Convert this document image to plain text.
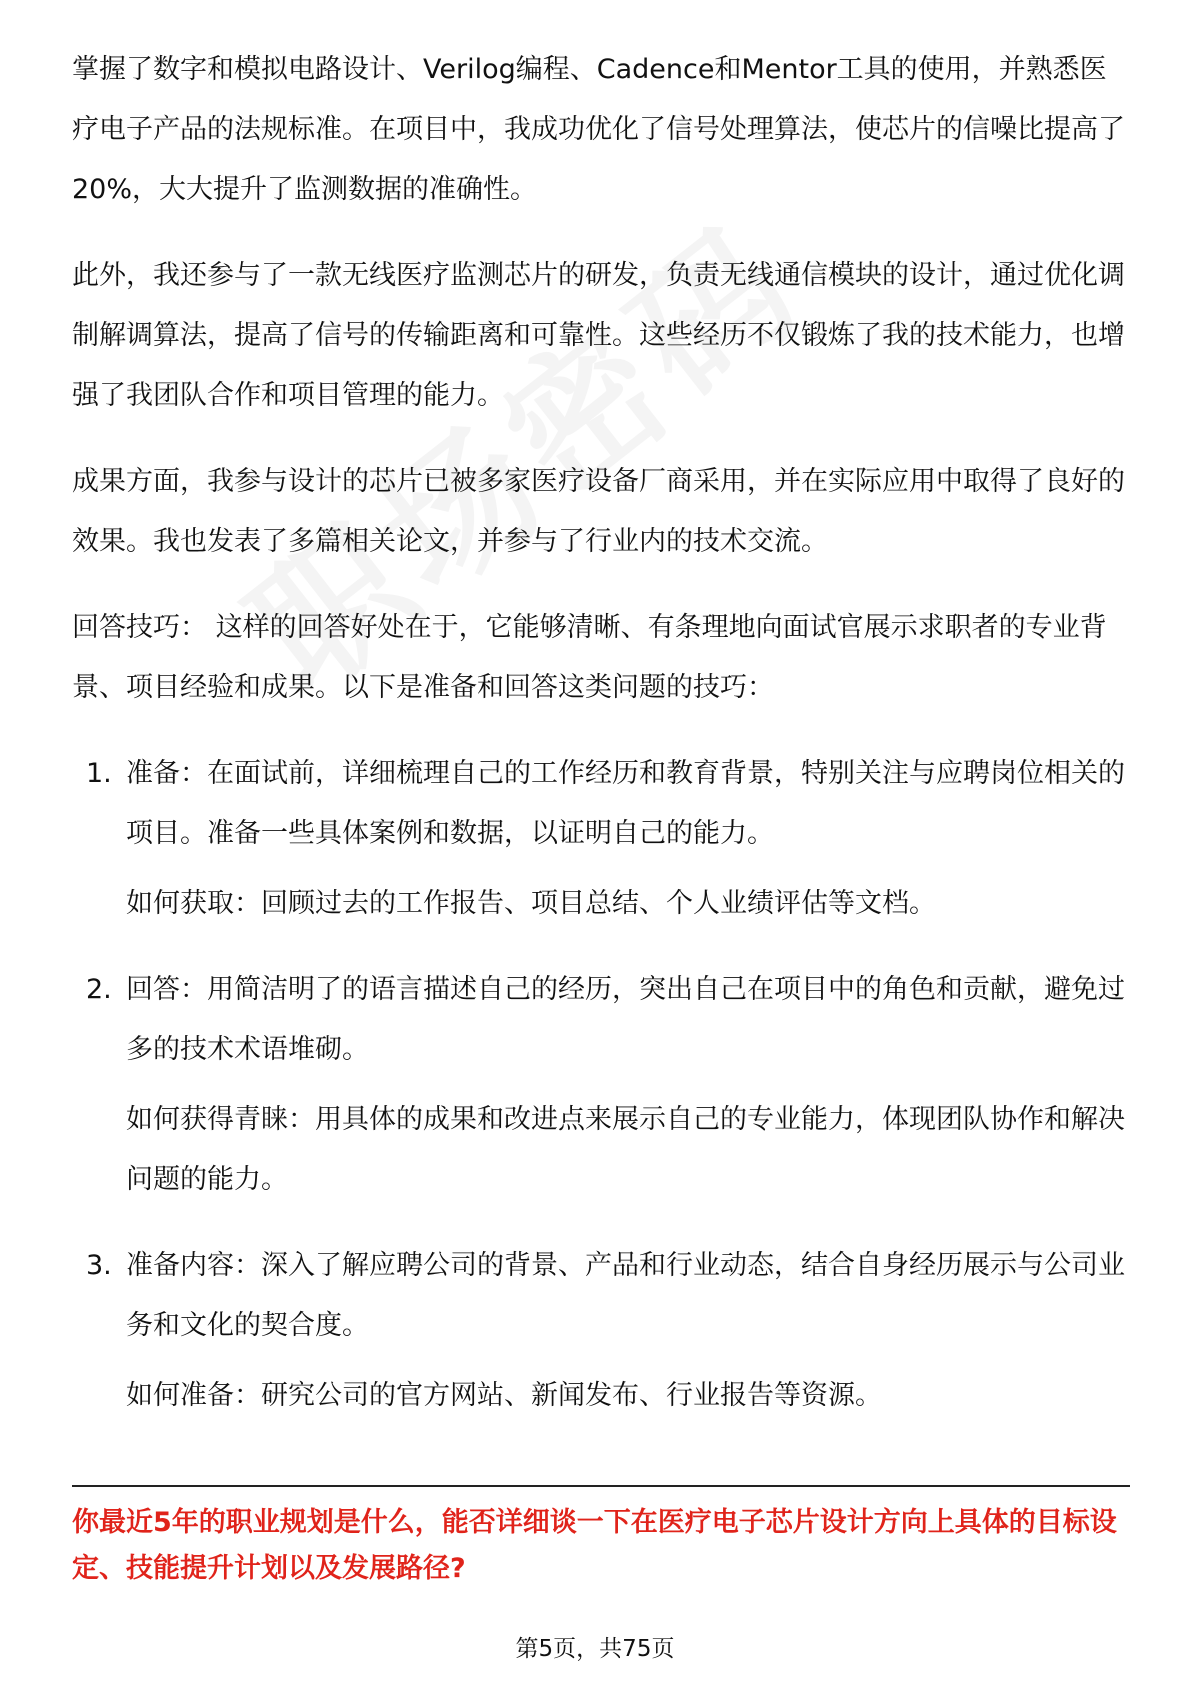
掌握了数字和模拟电路设计、Verilog编程、Cadence和Mentor工具的使用，并熟悉医疗电子产品的法规标准。在项目中，我成功优化了信号处理算法，使芯片的信噪比提高了20%，大大提升了监测数据的准确性。

此外，我还参与了一款无线医疗监测芯片的研发，负责无线通信模块的设计，通过优化调制解调算法，提高了信号的传输距离和可靠性。这些经历不仅锻炼了我的技术能力，也增强了我团队合作和项目管理的能力。

成果方面，我参与设计的芯片已被多家医疗设备厂商采用，并在实际应用中取得了良好的效果。我也发表了多篇相关论文，并参与了行业内的技术交流。

回答技巧： 这样的回答好处在于，它能够清晰、有条理地向面试官展示求职者的专业背景、项目经验和成果。以下是准备和回答这类问题的技巧：

1. 准备：在面试前，详细梳理自己的工作经历和教育背景，特别关注与应聘岗位相关的项目。准备一些具体案例和数据，以证明自己的能力。

如何获取：回顾过去的工作报告、项目总结、个人业绩评估等文档。

2. 回答：用简洁明了的语言描述自己的经历，突出自己在项目中的角色和贡献，避免过多的技术术语堆砌。

如何获得青睐：用具体的成果和改进点来展示自己的专业能力，体现团队协作和解决问题的能力。

3. 准备内容：深入了解应聘公司的背景、产品和行业动态，结合自身经历展示与公司业务和文化的契合度。

如何准备：研究公司的官方网站、新闻发布、行业报告等资源。

你最近5年的职业规划是什么，能否详细谈一下在医疗电子芯片设计方向上具体的目标设定、技能提升计划以及发展路径?
第5页，共75页
